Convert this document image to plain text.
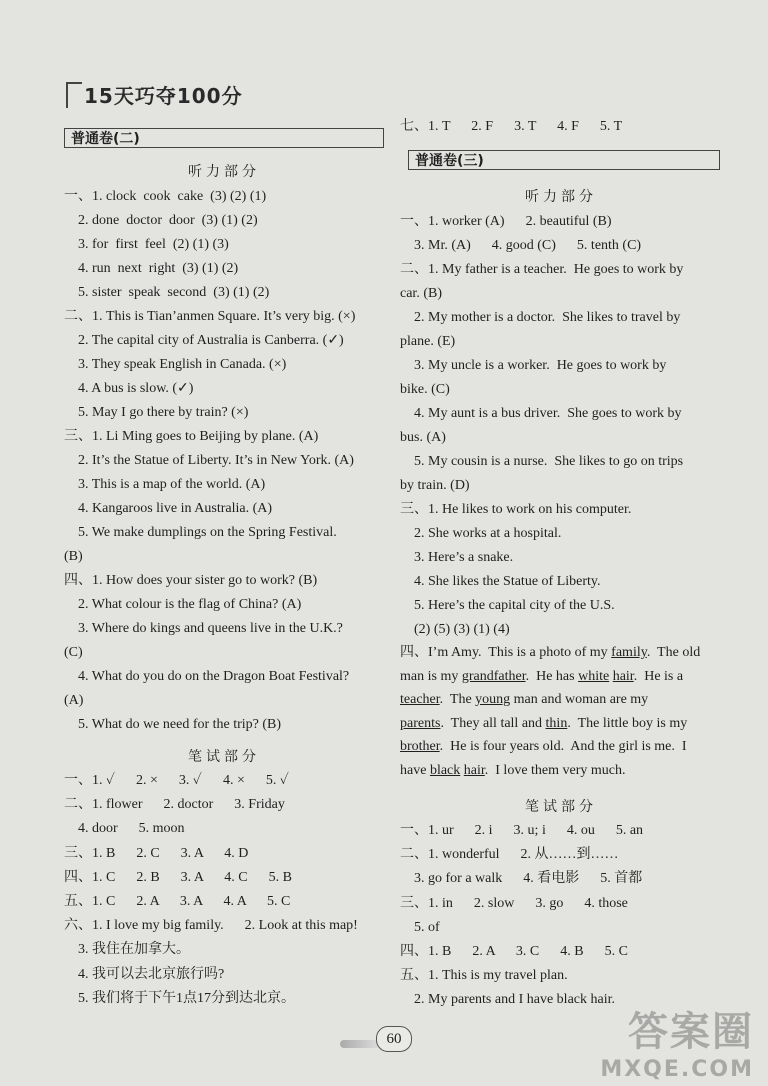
15天巧夺100分
普通卷(二)
听力部分
一、1. clock  cook  cake  (3) (2) (1)
2. done  doctor  door  (3) (1) (2)
3. for  first  feel  (2) (1) (3)
4. run  next  right  (3) (1) (2)
5. sister  speak  second  (3) (1) (2)
二、1. This is Tian’anmen Square. It’s very big. (×)
2. The capital city of Australia is Canberra. (✓)
3. They speak English in Canada. (×)
4. A bus is slow. (✓)
5. May I go there by train? (×)
三、1. Li Ming goes to Beijing by plane. (A)
2. It’s the Statue of Liberty. It’s in New York. (A)
3. This is a map of the world. (A)
4. Kangaroos live in Australia. (A)
5. We make dumplings on the Spring Festival.
(B)
四、1. How does your sister go to work? (B)
2. What colour is the flag of China? (A)
3. Where do kings and queens live in the U.K.?
(C)
4. What do you do on the Dragon Boat Festival?
(A)
5. What do we need for the trip? (B)
笔试部分
一、1. ✓      2. ×      3. ✓      4. ×      5. ✓
二、1. flower      2. doctor      3. Friday
4. door      5. moon
三、1. B      2. C      3. A      4. D
四、1. C      2. B      3. A      4. C      5. B
五、1. C      2. A      3. A      4. A      5. C
六、1. I love my big family.      2. Look at this map!
3. 我住在加拿大。
4. 我可以去北京旅行吗?
5. 我们将于下午1点17分到达北京。
七、1. T      2. F      3. T      4. F      5. T
普通卷(三)
听力部分
一、1. worker (A)      2. beautiful (B)
3. Mr. (A)      4. good (C)      5. tenth (C)
二、1. My father is a teacher.  He goes to work by
car. (B)
2. My mother is a doctor.  She likes to travel by
plane. (E)
3. My uncle is a worker.  He goes to work by
bike. (C)
4. My aunt is a bus driver.  She goes to work by
bus. (A)
5. My cousin is a nurse.  She likes to go on trips
by train. (D)
三、1. He likes to work on his computer.
2. She works at a hospital.
3. Here’s a snake.
4. She likes the Statue of Liberty.
5. Here’s the capital city of the U.S.
(2) (5) (3) (1) (4)
四、I’m Amy.  This is a photo of my family.  The old
man is my grandfather.  He has white hair.  He is a
teacher.  The young man and woman are my
parents.  They all tall and thin.  The little boy is my
brother.  He is four years old.  And the girl is me.  I
have black hair.  I love them very much.
笔试部分
一、1. ur      2. i      3. u; i      4. ou      5. an
二、1. wonderful      2. 从……到……
3. go for a walk      4. 看电影      5. 首都
三、1. in      2. slow      3. go      4. those
5. of
四、1. B      2. A      3. C      4. B      5. C
五、1. This is my travel plan.
2. My parents and I have black hair.
60	答案圈
MXQE.COM
